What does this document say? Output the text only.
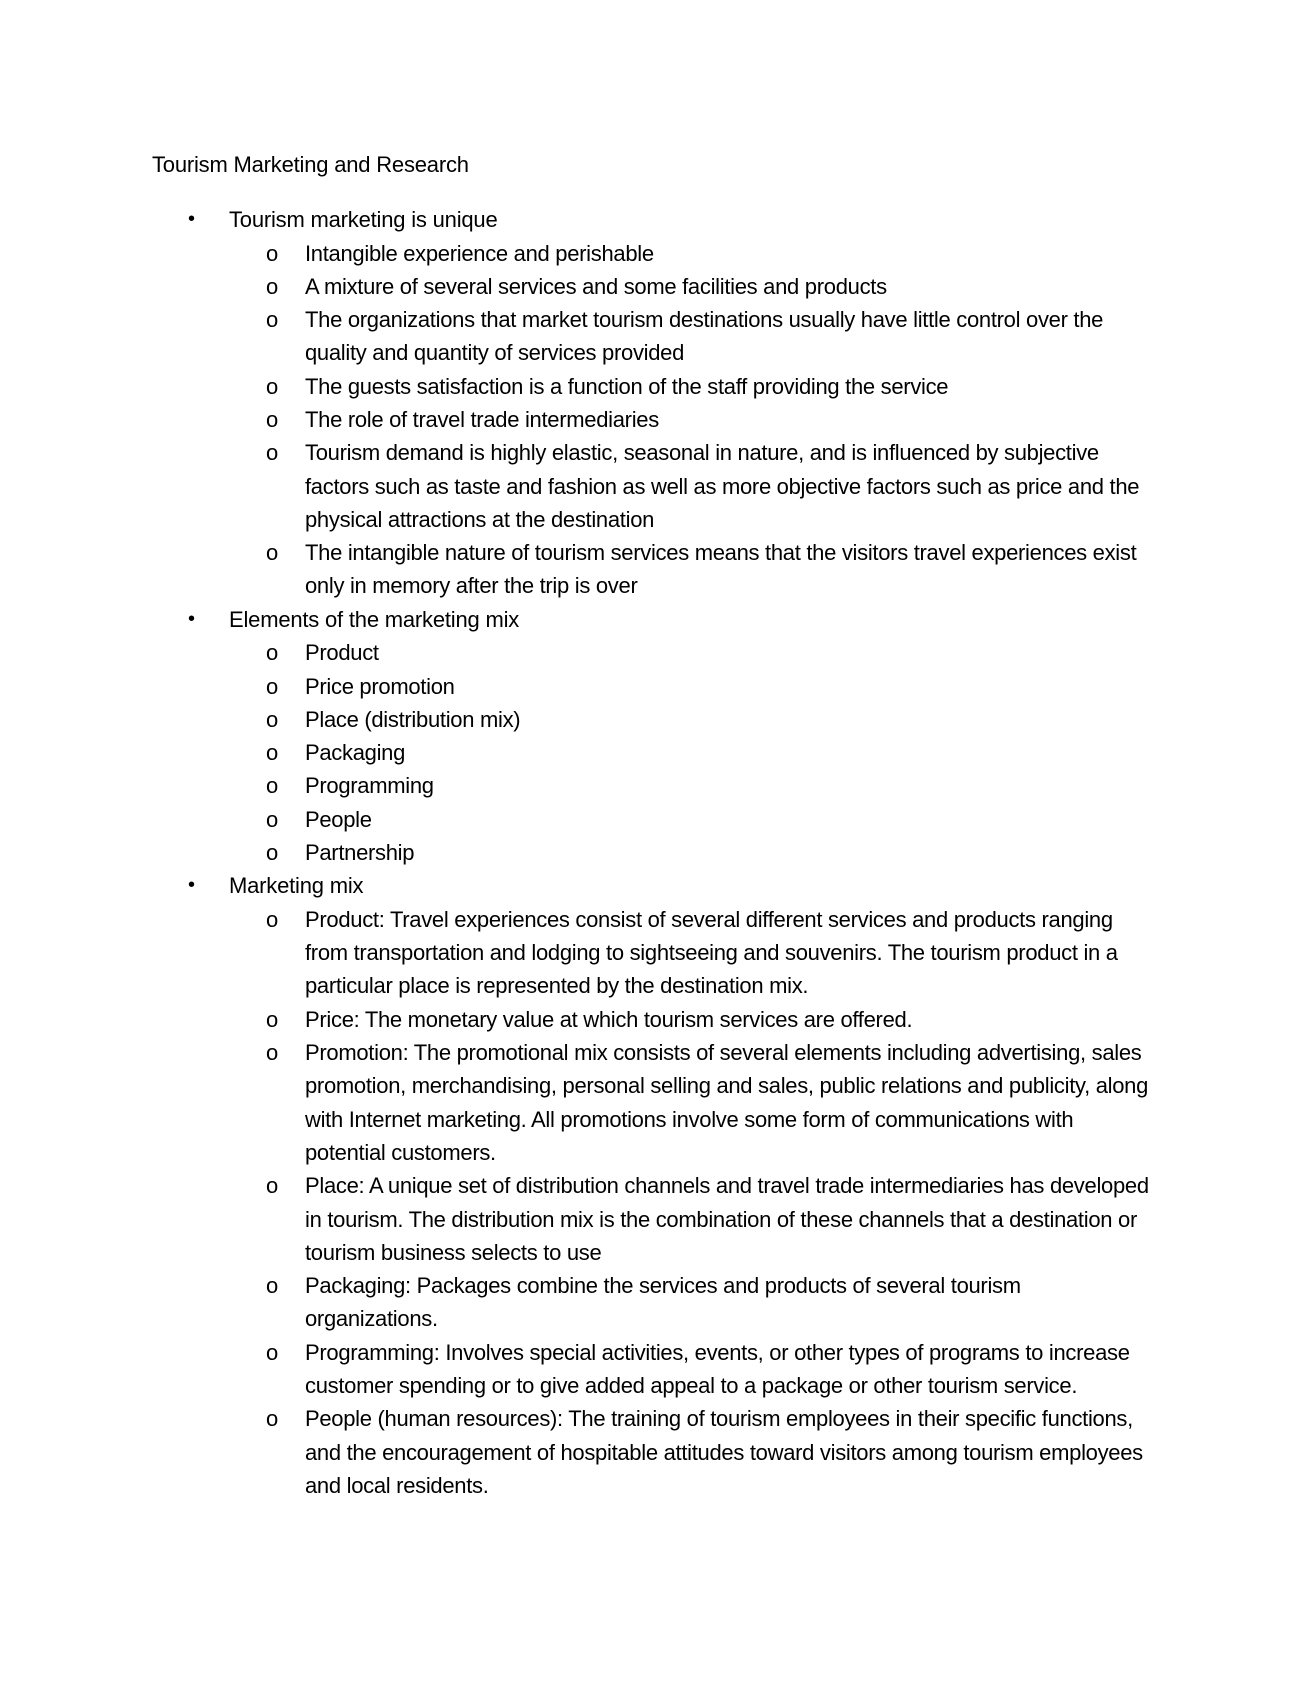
Tourism Marketing and Research
• Tourism marketing is unique
o Intangible experience and perishable
o A mixture of several services and some facilities and products
o The organizations that market tourism destinations usually have little control over the quality and quantity of services provided
o The guests satisfaction is a function of the staff providing the service
o The role of travel trade intermediaries
o Tourism demand is highly elastic, seasonal in nature, and is influenced by subjective factors such as taste and fashion as well as more objective factors such as price and the physical attractions at the destination
o The intangible nature of tourism services means that the visitors travel experiences exist only in memory after the trip is over
• Elements of the marketing mix
o Product
o Price promotion
o Place (distribution mix)
o Packaging
o Programming
o People
o Partnership
• Marketing mix
o Product: Travel experiences consist of several different services and products ranging from transportation and lodging to sightseeing and souvenirs. The tourism product in a particular place is represented by the destination mix.
o Price: The monetary value at which tourism services are offered.
o Promotion: The promotional mix consists of several elements including advertising, sales promotion, merchandising, personal selling and sales, public relations and publicity, along with Internet marketing. All promotions involve some form of communications with potential customers.
o Place: A unique set of distribution channels and travel trade intermediaries has developed in tourism. The distribution mix is the combination of these channels that a destination or tourism business selects to use
o Packaging: Packages combine the services and products of several tourism organizations.
o Programming: Involves special activities, events, or other types of programs to increase customer spending or to give added appeal to a package or other tourism service.
o People (human resources): The training of tourism employees in their specific functions, and the encouragement of hospitable attitudes toward visitors among tourism employees and local residents.
